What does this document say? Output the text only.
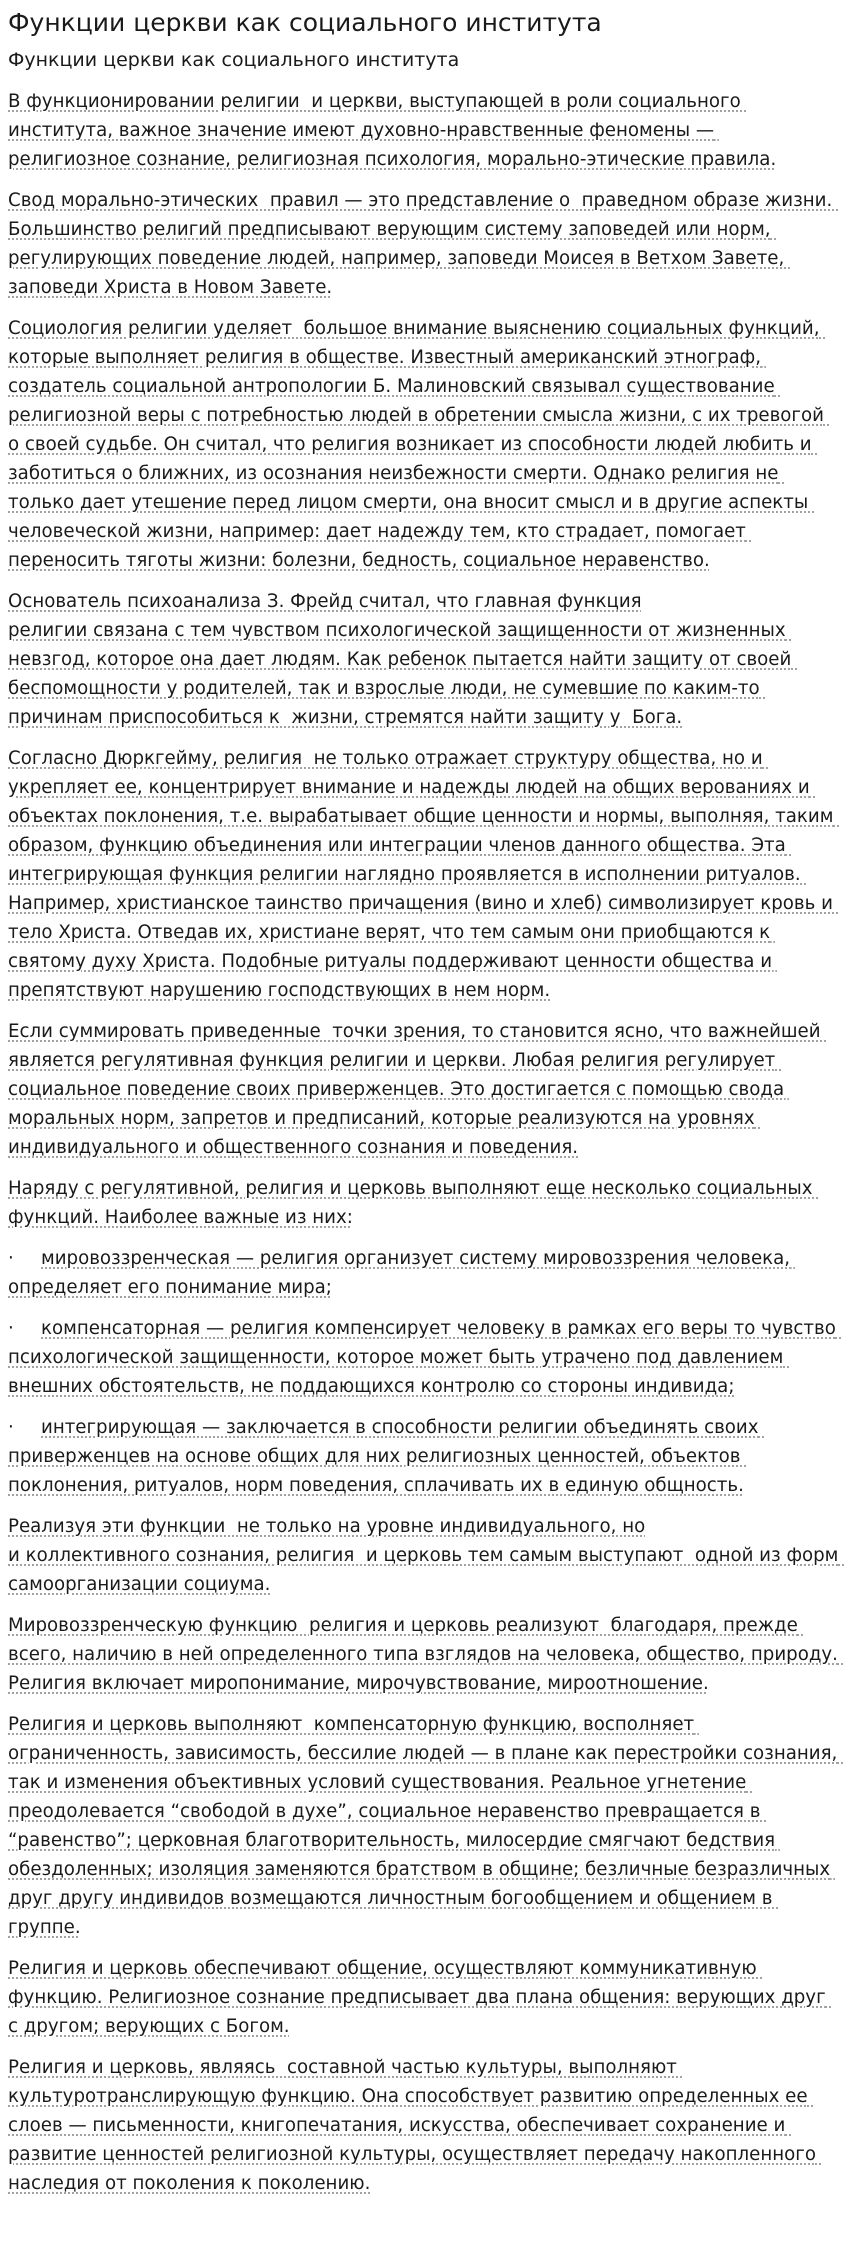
Функции церкви как социального института
Функции церкви как социального института
В функционировании религии  и церкви, выступающей в роли социального института, важное значение имеют духовно-нравственные феномены — религиозное сознание, религиозная психология, морально-этические правила.
Свод морально-этических  правил — это представление о  праведном образе жизни. Большинство религий предписывают верующим систему заповедей или норм, регулирующих поведение людей, например, заповеди Моисея в Ветхом Завете, заповеди Христа в Новом Завете.
Социология религии уделяет  большое внимание выяснению социальных функций, которые выполняет религия в обществе. Известный американский этнограф, создатель социальной антропологии Б. Малиновский связывал существование религиозной веры с потребностью людей в обретении смысла жизни, с их тревогой о своей судьбе. Он считал, что религия возникает из способности людей любить и заботиться о ближних, из осознания неизбежности смерти. Однако религия не только дает утешение перед лицом смерти, она вносит смысл и в другие аспекты человеческой жизни, например: дает надежду тем, кто страдает, помогает переносить тяготы жизни: болезни, бедность, социальное неравенство.
Основатель психоанализа З. Фрейд считал, что главная функция
религии связана с тем чувством психологической защищенности от жизненных невзгод, которое она дает людям. Как ребенок пытается найти защиту от своей беспомощности у родителей, так и взрослые люди, не сумевшие по каким-то причинам приспособиться к  жизни, стремятся найти защиту у  Бога.
Согласно Дюркгейму, религия  не только отражает структуру общества, но и укрепляет ее, концентрирует внимание и надежды людей на общих верованиях и объектах поклонения, т.е. вырабатывает общие ценности и нормы, выполняя, таким образом, функцию объединения или интеграции членов данного общества. Эта интегрирующая функция религии наглядно проявляется в исполнении ритуалов. Например, христианское таинство причащения (вино и хлеб) символизирует кровь и тело Христа. Отведав их, христиане верят, что тем самым они приобщаются к святому духу Христа. Подобные ритуалы поддерживают ценности общества и препятствуют нарушению господствующих в нем норм.
Если суммировать приведенные  точки зрения, то становится ясно, что важнейшей является регулятивная функция религии и церкви. Любая религия регулирует социальное поведение своих приверженцев. Это достигается с помощью свода моральных норм, запретов и предписаний, которые реализуются на уровнях индивидуального и общественного сознания и поведения.
Наряду с регулятивной, религия и церковь выполняют еще несколько социальных функций. Наиболее важные из них:
· мировоззренческая — религия организует систему мировоззрения человека, определяет его понимание мира;
· компенсаторная — религия компенсирует человеку в рамках его веры то чувство психологической защищенности, которое может быть утрачено под давлением внешних обстоятельств, не поддающихся контролю со стороны индивида;
· интегрирующая — заключается в способности религии объединять своих приверженцев на основе общих для них религиозных ценностей, объектов поклонения, ритуалов, норм поведения, сплачивать их в единую общность.
Реализуя эти функции  не только на уровне индивидуального, но
и коллективного сознания, религия  и церковь тем самым выступают  одной из форм самоорганизации социума.
Мировоззренческую функцию  религия и церковь реализуют  благодаря, прежде всего, наличию в ней определенного типа взглядов на человека, общество, природу. Религия включает миропонимание, мирочувствование, мироотношение.
Религия и церковь выполняют  компенсаторную функцию, восполняет ограниченность, зависимость, бессилие людей — в плане как перестройки сознания, так и изменения объективных условий существования. Реальное угнетение преодолевается “свободой в духе”, социальное неравенство превращается в “равенство”; церковная благотворительность, милосердие смягчают бедствия обездоленных; изоляция заменяются братством в общине; безличные безразличных друг другу индивидов возмещаются личностным богообщением и общением в группе.
Религия и церковь обеспечивают общение, осуществляют коммуникативную функцию. Религиозное сознание предписывает два плана общения: верующих друг с другом; верующих с Богом.
Религия и церковь, являясь  составной частью культуры, выполняют культуротранслирующую функцию. Она способствует развитию определенных ее слоев — письменности, книгопечатания, искусства, обеспечивает сохранение и развитие ценностей религиозной культуры, осуществляет передачу накопленного наследия от поколения к поколению.
